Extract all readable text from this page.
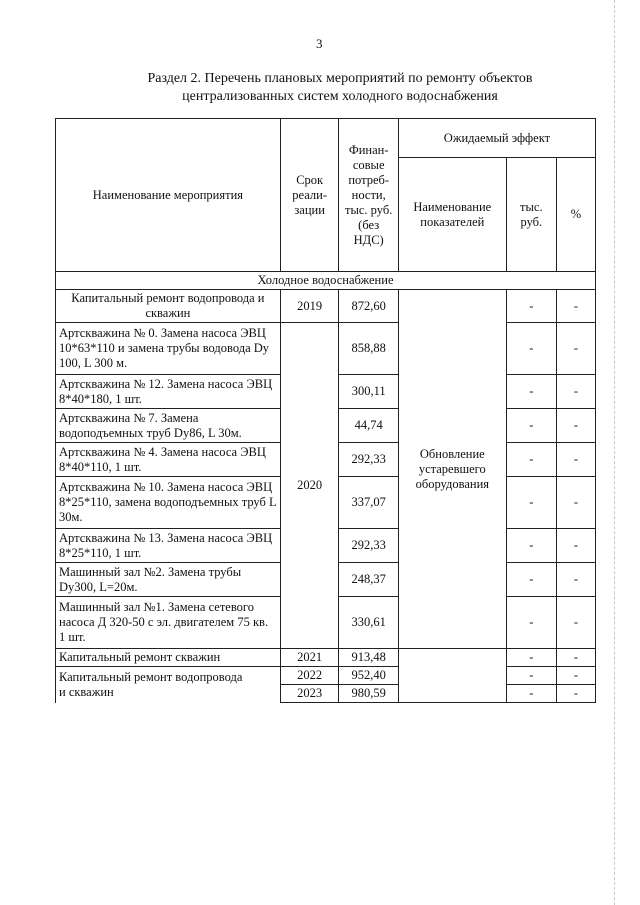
3
Раздел 2. Перечень плановых мероприятий по ремонту объектов
централизованных систем холодного водоснабжения
Наименование мероприятия	Срок реали-зации	Финан-совые потреб-ности, тыс. руб. (без НДС)	Ожидаемый эффект		
			Наименование показателей	тыс. руб.	%
Холодное водоснабжение					
Капитальный ремонт водопровода и скважин	2019	872,60	Обновление устаревшего оборудования	-	-
Артскважина № 0. Замена насоса ЭВЦ 10*63*110 и замена трубы водовода Dy 100, L 300 м.	2020	858,88		-	-
Артскважина № 12. Замена насоса ЭВЦ 8*40*180, 1 шт.		300,11		-	-
Артскважина № 7. Замена водоподъемных труб Dy86, L 30м.		44,74		-	-
Артскважина № 4. Замена насоса ЭВЦ 8*40*110, 1 шт.		292,33		-	-
Артскважина № 10. Замена насоса ЭВЦ 8*25*110, замена водоподъемных труб L 30м.		337,07		-	-
Артскважина № 13. Замена насоса ЭВЦ 8*25*110, 1 шт.		292,33		-	-
Машинный зал №2. Замена трубы Dy300, L=20м.		248,37		-	-
Машинный зал №1. Замена сетевого насоса Д 320-50 с эл. двигателем 75 кв. 1 шт.		330,61		-	-
Капитальный ремонт скважин	2021	913,48		-	-
Капитальный ремонт водопровода
и скважин	2022	952,40		-	-
	2023	980,59		-	-
